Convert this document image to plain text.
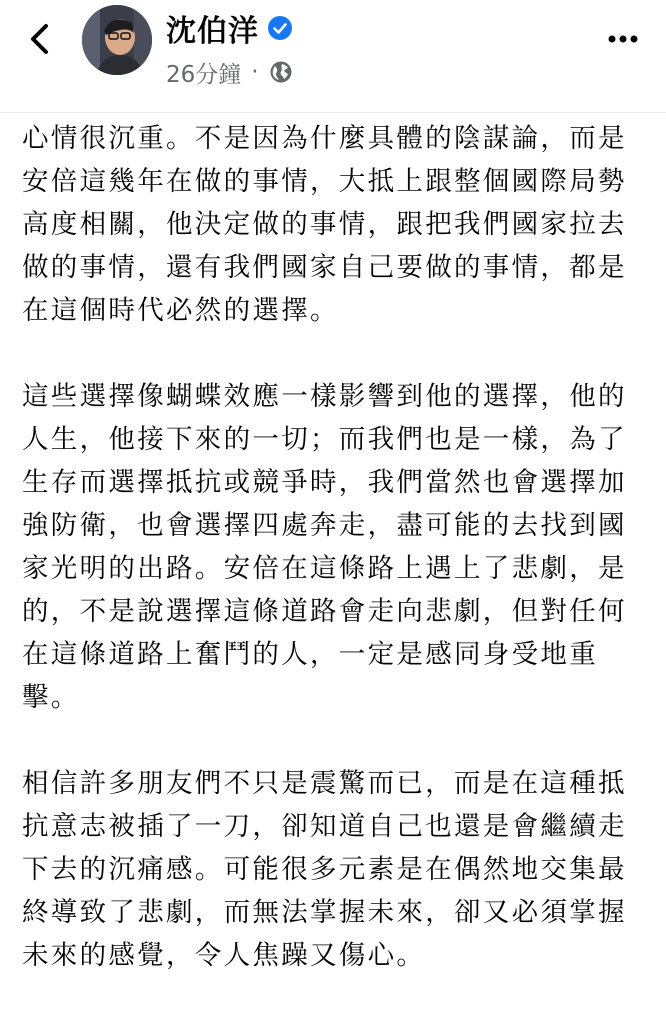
沈伯洋
26分鐘 ·

心情很沉重。不是因為什麼具體的陰謀論，而是安倍這幾年在做的事情，大抵上跟整個國際局勢高度相關，他決定做的事情，跟把我們國家拉去做的事情，還有我們國家自己要做的事情，都是在這個時代必然的選擇。

這些選擇像蝴蝶效應一樣影響到他的選擇，他的人生，他接下來的一切；而我們也是一樣，為了生存而選擇抵抗或競爭時，我們當然也會選擇加強防衛，也會選擇四處奔走，盡可能的去找到國家光明的出路。安倍在這條路上遇上了悲劇，是的，不是說選擇這條道路會走向悲劇，但對任何在這條道路上奮鬥的人，一定是感同身受地重擊。

相信許多朋友們不只是震驚而已，而是在這種抵抗意志被插了一刀，卻知道自己也還是會繼續走下去的沉痛感。可能很多元素是在偶然地交集最終導致了悲劇，而無法掌握未來，卻又必須掌握未來的感覺，令人焦躁又傷心。
